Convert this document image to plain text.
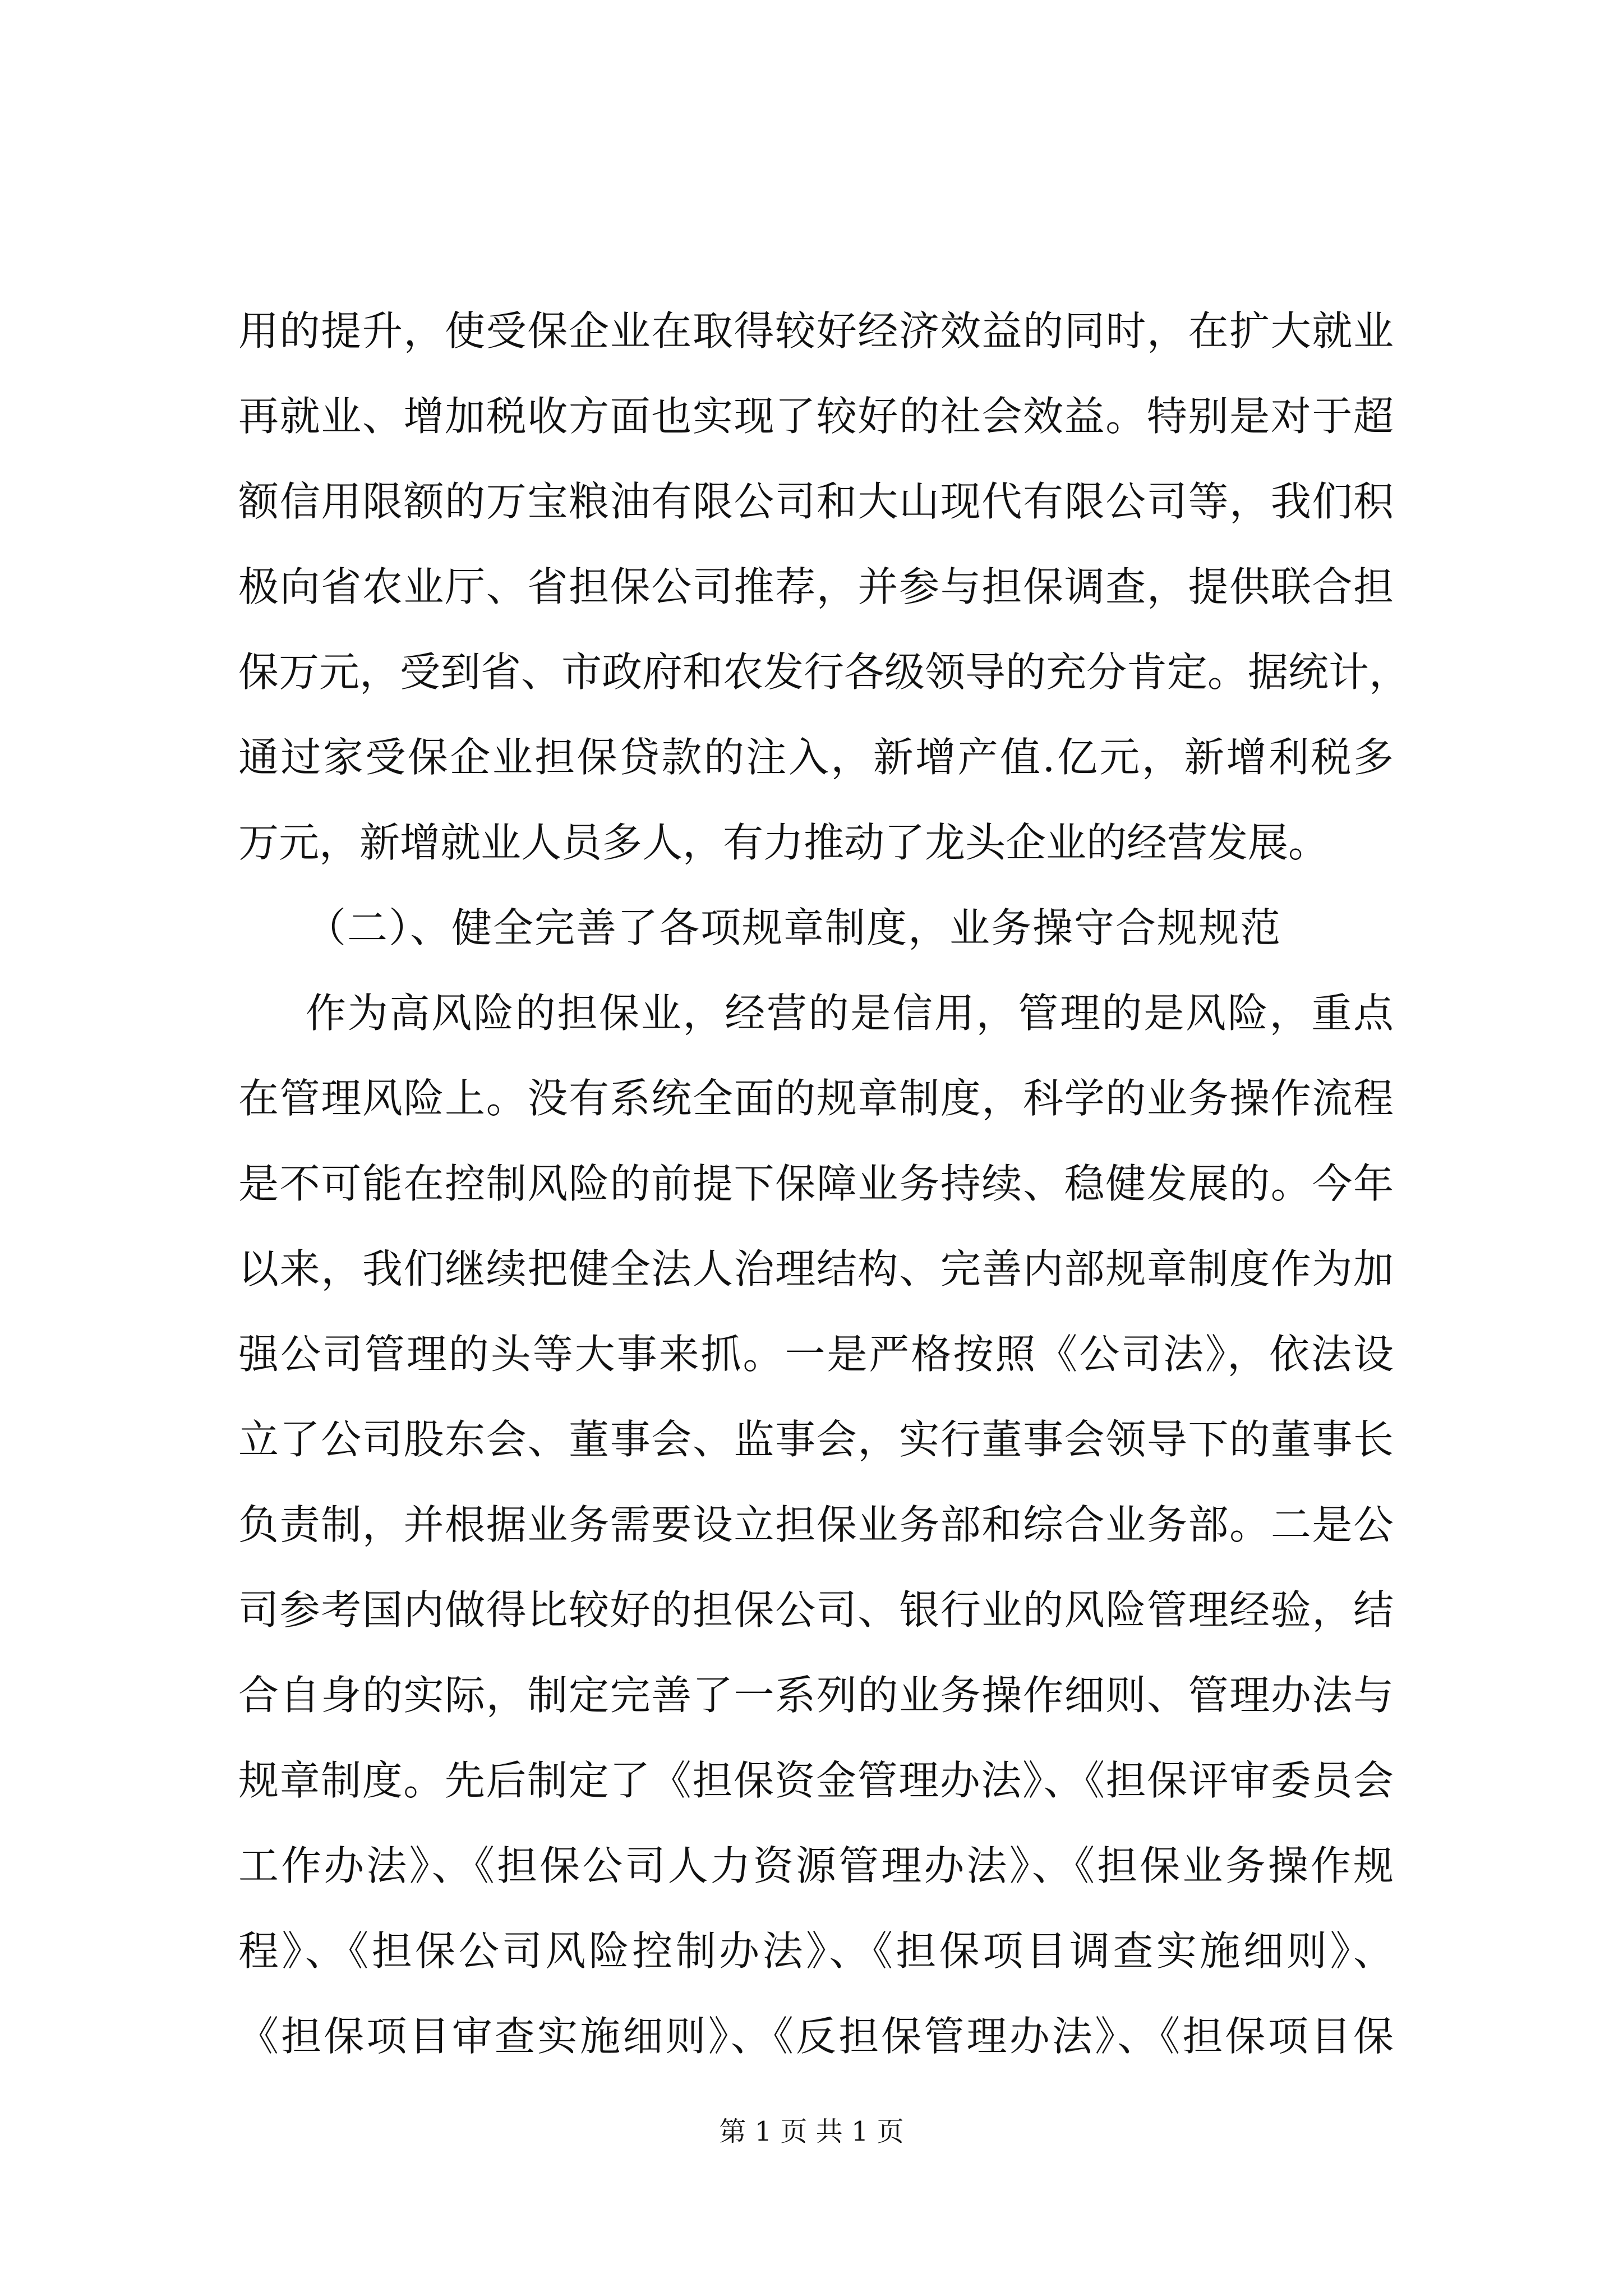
用的提升，使受保企业在取得较好经济效益的同时，在扩大就业
再就业、增加税收方面也实现了较好的社会效益。特别是对于超
额信用限额的万宝粮油有限公司和大山现代有限公司等，我们积
极向省农业厅、省担保公司推荐，并参与担保调查，提供联合担
保万元，受到省、市政府和农发行各级领导的充分肯定。据统计，
通过家受保企业担保贷款的注入，新增产值.亿元，新增利税多
万元，新增就业人员多人，有力推动了龙头企业的经营发展。
（二）、健全完善了各项规章制度，业务操守合规规范
作为高风险的担保业，经营的是信用，管理的是风险，重点
在管理风险上。没有系统全面的规章制度，科学的业务操作流程
是不可能在控制风险的前提下保障业务持续、稳健发展的。今年
以来，我们继续把健全法人治理结构、完善内部规章制度作为加
强公司管理的头等大事来抓。一是严格按照《公司法》，依法设
立了公司股东会、董事会、监事会，实行董事会领导下的董事长
负责制，并根据业务需要设立担保业务部和综合业务部。二是公
司参考国内做得比较好的担保公司、银行业的风险管理经验，结
合自身的实际，制定完善了一系列的业务操作细则、管理办法与
规章制度。先后制定了《担保资金管理办法》、《担保评审委员会
工作办法》、《担保公司人力资源管理办法》、《担保业务操作规
程》、《担保公司风险控制办法》、《担保项目调查实施细则》、
《担保项目审查实施细则》、《反担保管理办法》、《担保项目保
第 1 页 共 1 页
